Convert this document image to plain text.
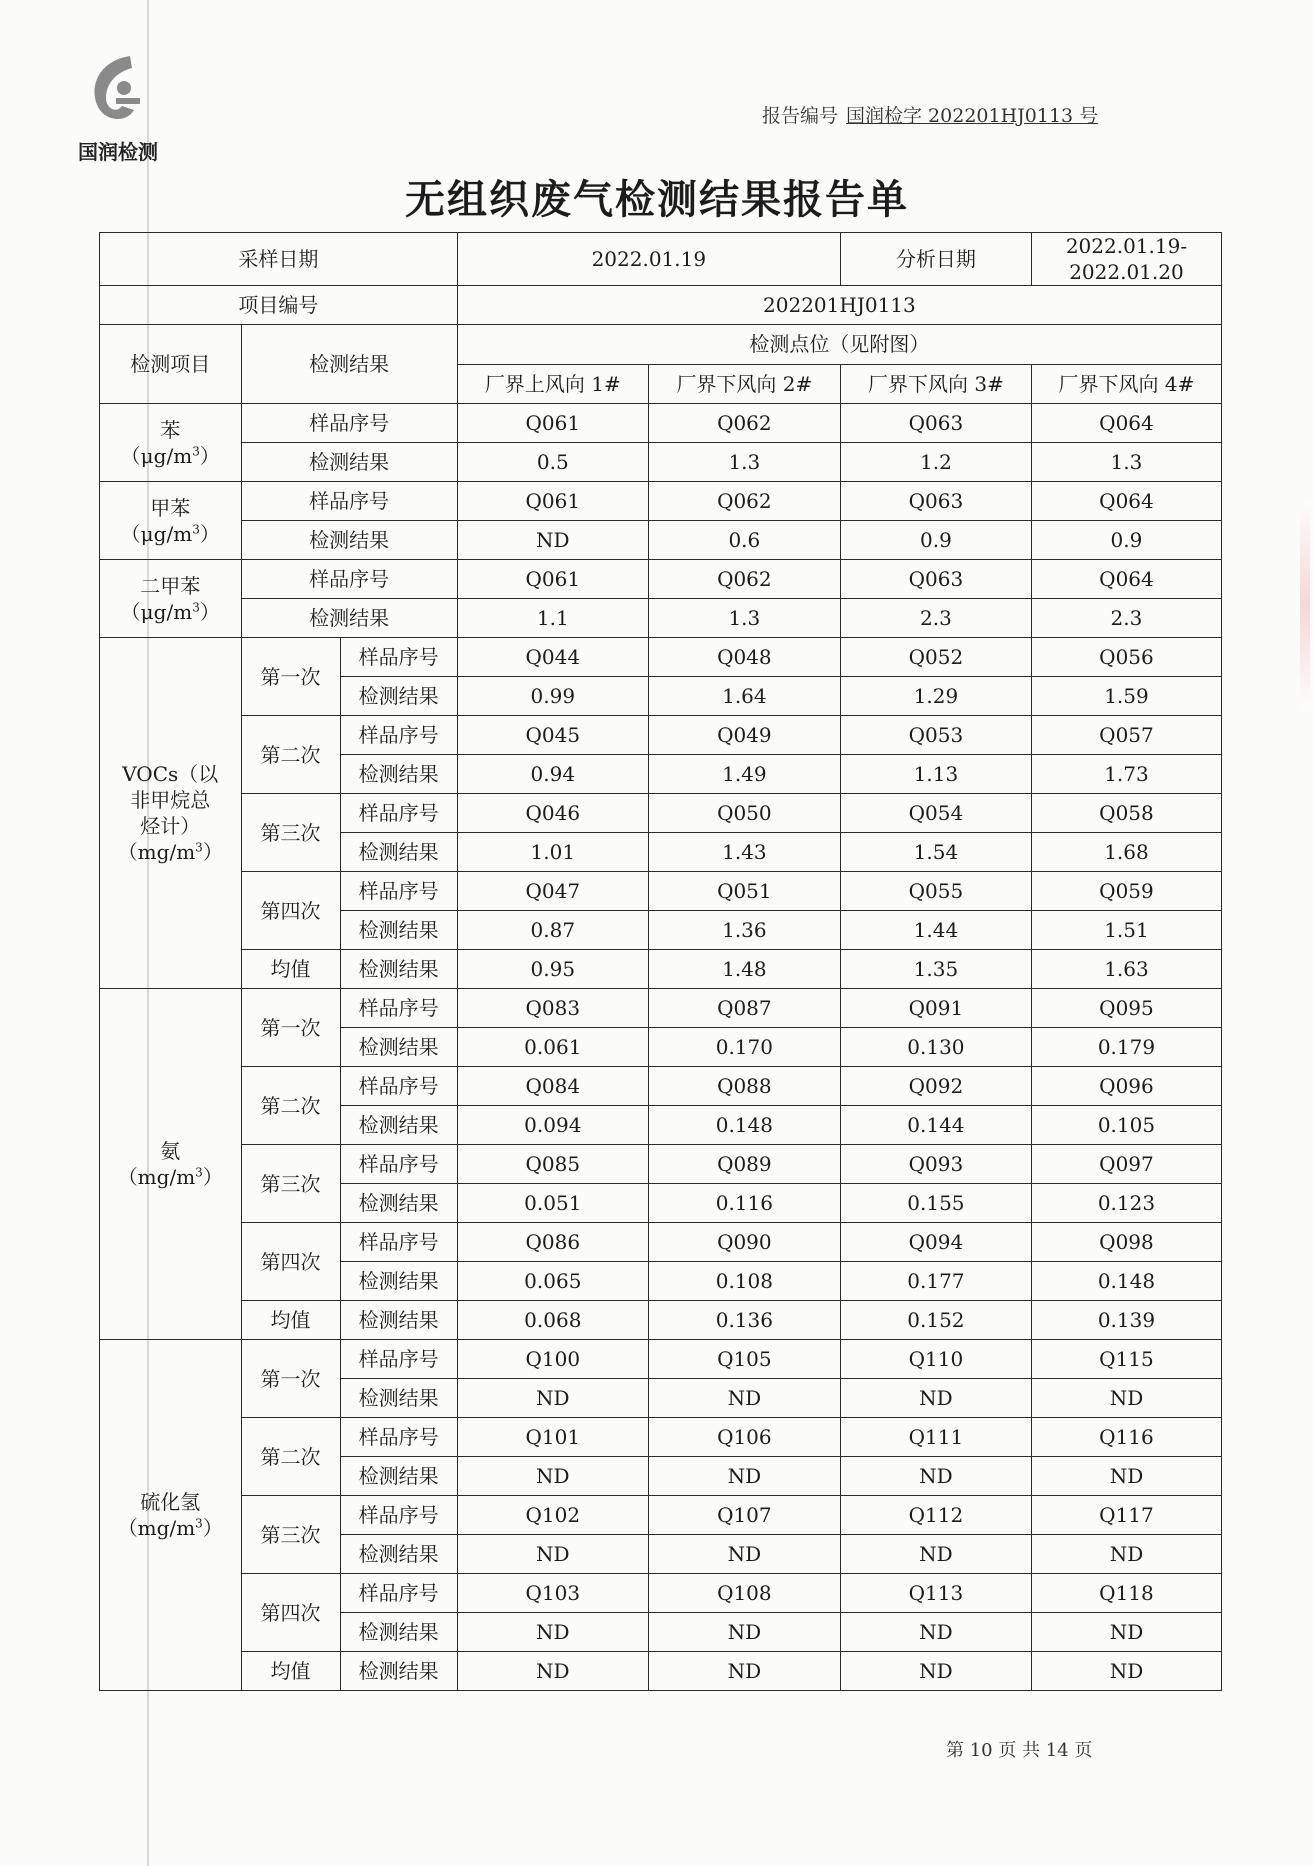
国润检测
报告编号 国润检字 202201HJ0113 号
无组织废气检测结果报告单
采样日期			2022.01.19		分析日期	2022.01.19-2022.01.20
项目编号			202201HJ0113			
检测项目	检测结果		检测点位（见附图）			
			厂界上风向 1#	厂界下风向 2#	厂界下风向 3#	厂界下风向 4#

苯
$(\mu g/m^3)$	样品序号		Q061	Q062	Q063	Q064
	检测结果		0.5	1.3	1.2	1.3

甲苯
$(\mu g/m^3)$	样品序号		Q061	Q062	Q063	Q064
	检测结果		ND	0.6	0.9	0.9

二甲苯
$(\mu g/m^3)$	样品序号		Q061	Q062	Q063	Q064
	检测结果		1.1	1.3	2.3	2.3

VOCs（以
非甲烷总
烃计）
$(mg/m^3)$	第一次	样品序号	Q044	Q048	Q052	Q056
		检测结果	0.99	1.64	1.29	1.59
	第二次	样品序号	Q045	Q049	Q053	Q057
		检测结果	0.94	1.49	1.13	1.73
	第三次	样品序号	Q046	Q050	Q054	Q058
		检测结果	1.01	1.43	1.54	1.68
	第四次	样品序号	Q047	Q051	Q055	Q059
		检测结果	0.87	1.36	1.44	1.51
	均值	检测结果	0.95	1.48	1.35	1.63

氨
$(mg/m^3)$	第一次	样品序号	Q083	Q087	Q091	Q095
		检测结果	0.061	0.170	0.130	0.179
	第二次	样品序号	Q084	Q088	Q092	Q096
		检测结果	0.094	0.148	0.144	0.105
	第三次	样品序号	Q085	Q089	Q093	Q097
		检测结果	0.051	0.116	0.155	0.123
	第四次	样品序号	Q086	Q090	Q094	Q098
		检测结果	0.065	0.108	0.177	0.148
	均值	检测结果	0.068	0.136	0.152	0.139

硫化氢
$(mg/m^3)$	第一次	样品序号	Q100	Q105	Q110	Q115
		检测结果	ND	ND	ND	ND
	第二次	样品序号	Q101	Q106	Q111	Q116
		检测结果	ND	ND	ND	ND
	第三次	样品序号	Q102	Q107	Q112	Q117
		检测结果	ND	ND	ND	ND
	第四次	样品序号	Q103	Q108	Q113	Q118
		检测结果	ND	ND	ND	ND
	均值	检测结果	ND	ND	ND	ND
第 10 页 共 14 页
